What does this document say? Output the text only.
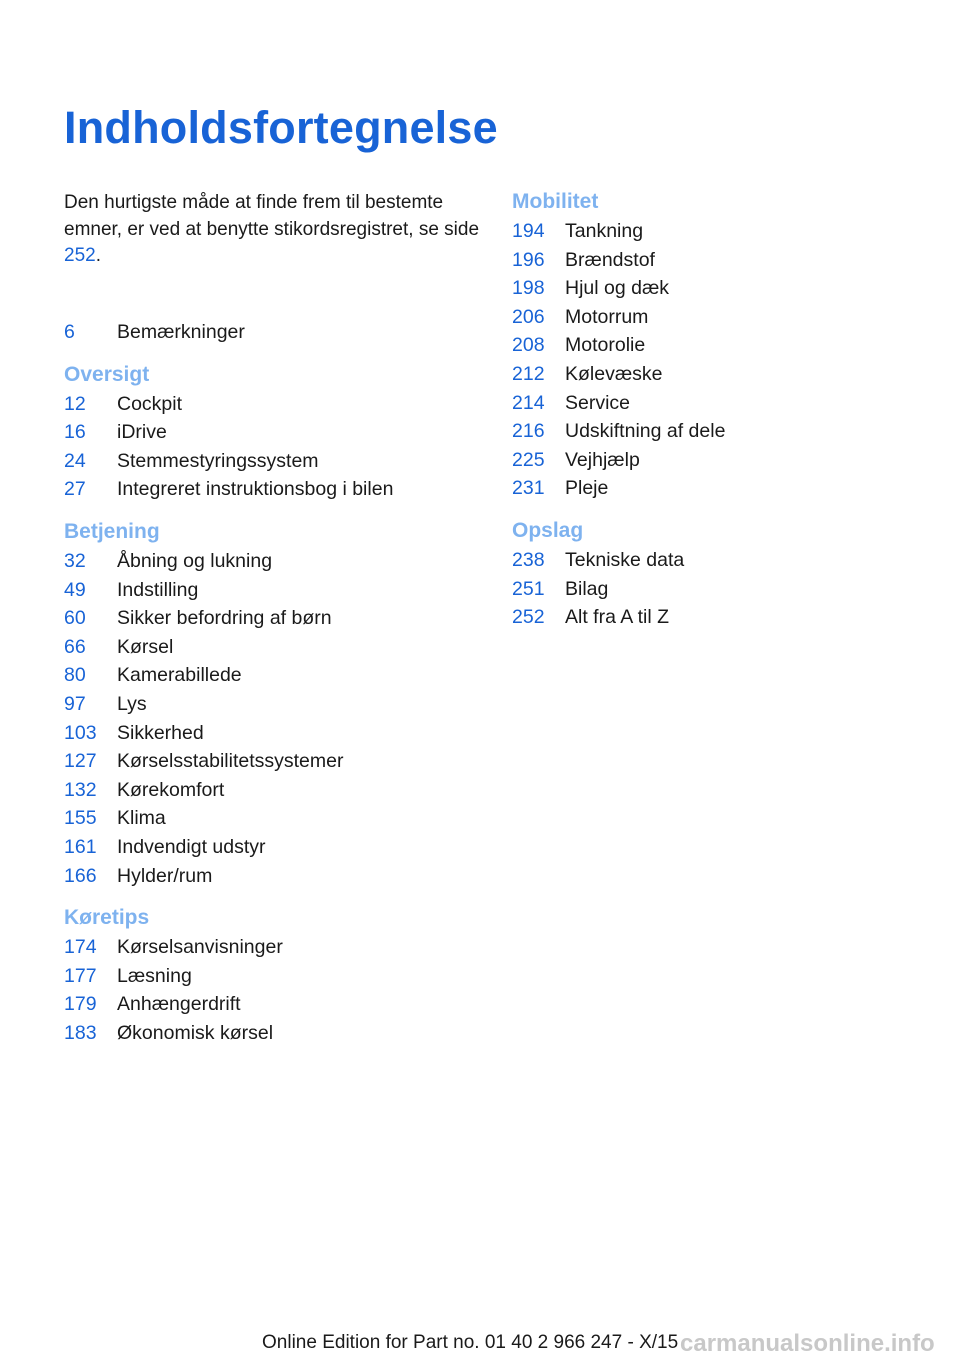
Indholdsfortegnelse

Den hurtigste måde at finde frem til bestemte emner, er ved at benytte stikordsregistret, se side 252.

6 Bemærkninger
Oversigt
12 Cockpit
16 iDrive
24 Stemmestyringssystem
27 Integreret instruktionsbog i bilen
Betjening
32 Åbning og lukning
49 Indstilling
60 Sikker befordring af børn
66 Kørsel
80 Kamerabillede
97 Lys
103 Sikkerhed
127 Kørselsstabilitetssystemer
132 Kørekomfort
155 Klima
161 Indvendigt udstyr
166 Hylder/rum
Køretips
174 Kørselsanvisninger
177 Læsning
179 Anhængerdrift
183 Økonomisk kørsel
Mobilitet
194 Tankning
196 Brændstof
198 Hjul og dæk
206 Motorrum
208 Motorolie
212 Kølevæske
214 Service
216 Udskiftning af dele
225 Vejhjælp
231 Pleje
Opslag
238 Tekniske data
251 Bilag
252 Alt fra A til Z
Online Edition for Part no. 01 40 2 966 247 - X/15 carmanualsonline.info
